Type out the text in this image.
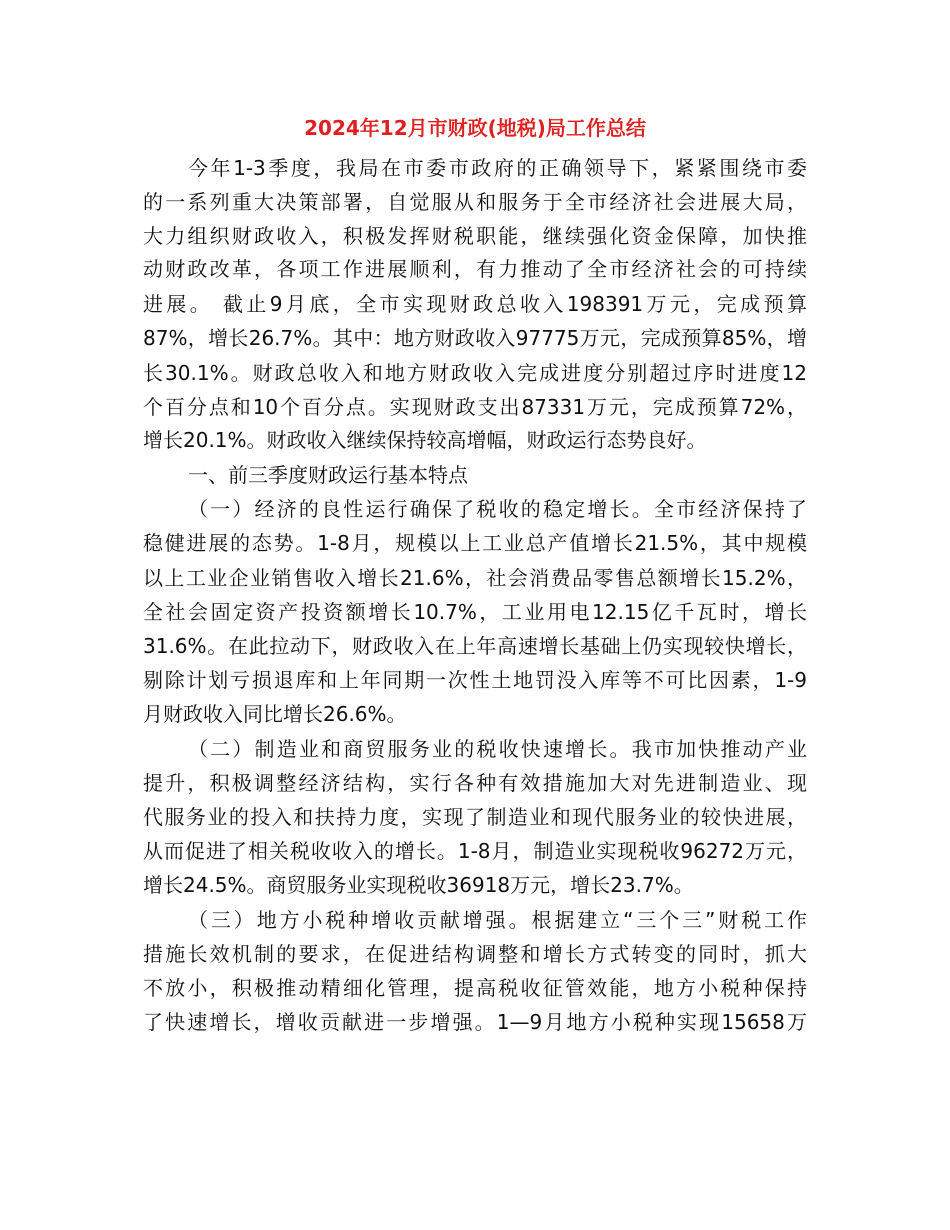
2024年12月市财政(地税)局工作总结
今年1-3季度，我局在市委市政府的正确领导下，紧紧围绕市委
的一系列重大决策部署，自觉服从和服务于全市经济社会进展大局，
大力组织财政收入，积极发挥财税职能，继续强化资金保障，加快推
动财政改革，各项工作进展顺利，有力推动了全市经济社会的可持续
进展。 截止9月底，全市实现财政总收入198391万元，完成预算
87%，增长26.7%。其中：地方财政收入97775万元，完成预算85%，增
长30.1%。财政总收入和地方财政收入完成进度分别超过序时进度12
个百分点和10个百分点。实现财政支出87331万元，完成预算72%，
增长20.1%。财政收入继续保持较高增幅，财政运行态势良好。
一、前三季度财政运行基本特点
（一）经济的良性运行确保了税收的稳定增长。全市经济保持了
稳健进展的态势。1-8月，规模以上工业总产值增长21.5%，其中规模
以上工业企业销售收入增长21.6%，社会消费品零售总额增长15.2%，
全社会固定资产投资额增长10.7%，工业用电12.15亿千瓦时，增长
31.6%。在此拉动下，财政收入在上年高速增长基础上仍实现较快增长，
剔除计划亏损退库和上年同期一次性土地罚没入库等不可比因素，1-9
月财政收入同比增长26.6%。
（二）制造业和商贸服务业的税收快速增长。我市加快推动产业
提升，积极调整经济结构，实行各种有效措施加大对先进制造业、现
代服务业的投入和扶持力度，实现了制造业和现代服务业的较快进展，
从而促进了相关税收收入的增长。1-8月，制造业实现税收96272万元，
增长24.5%。商贸服务业实现税收36918万元，增长23.7%。
（三）地方小税种增收贡献增强。根据建立“三个三”财税工作
措施长效机制的要求，在促进结构调整和增长方式转变的同时，抓大
不放小，积极推动精细化管理，提高税收征管效能，地方小税种保持
了快速增长，增收贡献进一步增强。1—9月地方小税种实现15658万
